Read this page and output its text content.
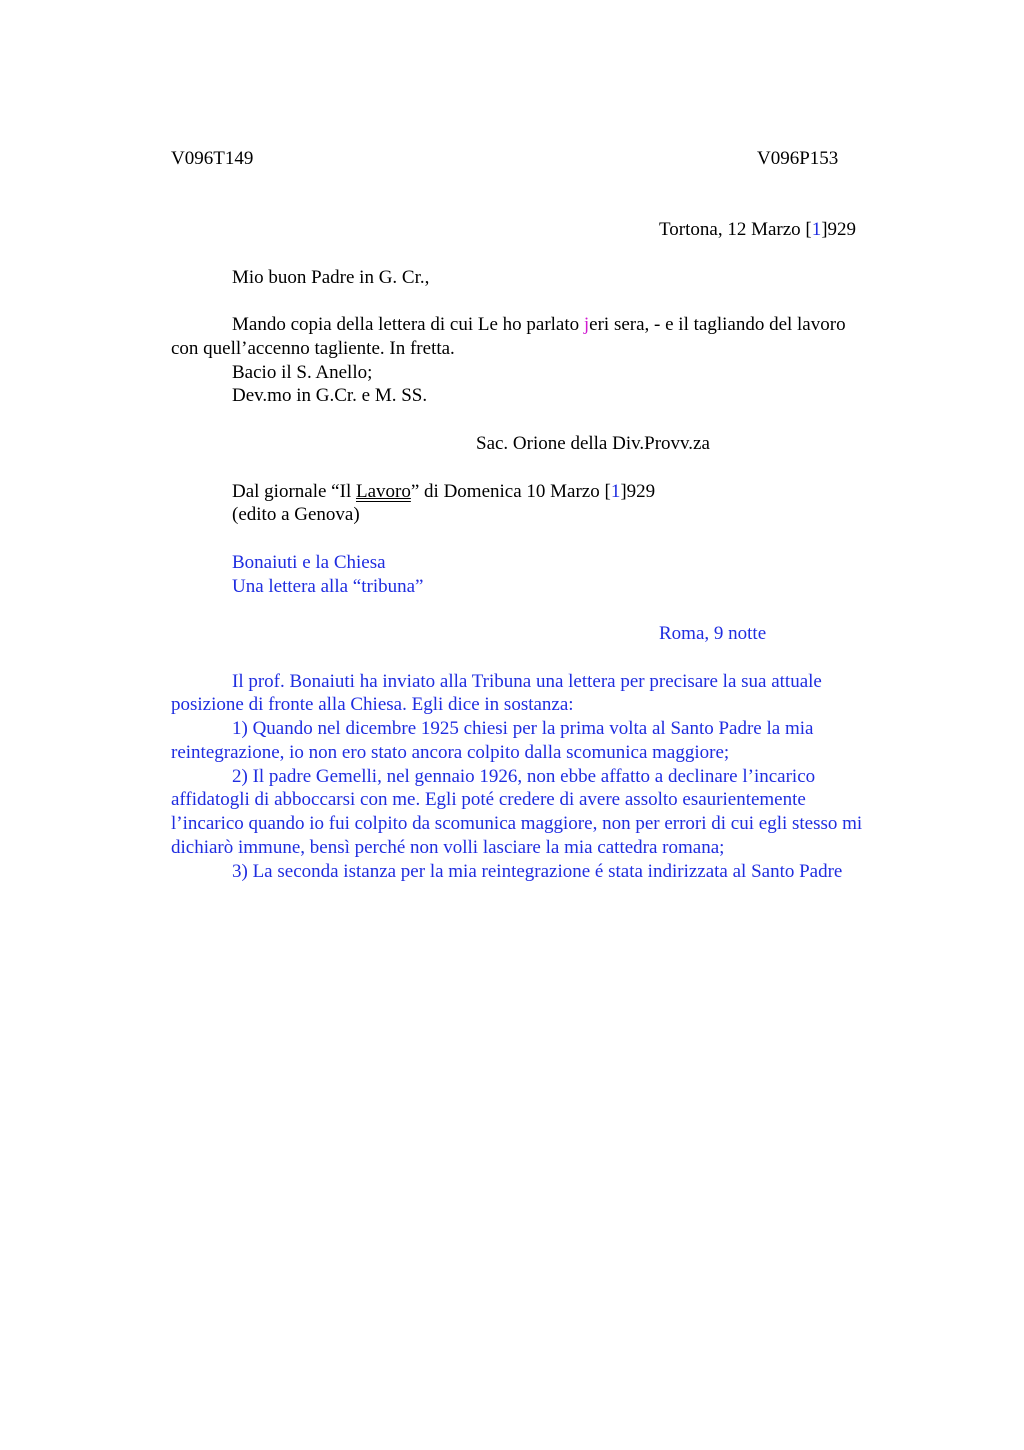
V096T149	V096P153
Tortona, 12 Marzo [1]929
Mio buon Padre in G. Cr.,
Mando copia della lettera di cui Le ho parlato jeri sera, - e il tagliando del lavoro
con quell’accenno tagliente. In fretta.
Bacio il S. Anello;
Dev.mo in G.Cr. e M. SS.
Sac. Orione della Div.Provv.za
Dal giornale “Il Lavoro” di Domenica 10 Marzo [1]929
(edito a Genova)
Bonaiuti e la Chiesa
Una lettera alla “tribuna”
Roma, 9 notte
Il prof. Bonaiuti ha inviato alla Tribuna una lettera per precisare la sua attuale
posizione di fronte alla Chiesa. Egli dice in sostanza:
1) Quando nel dicembre 1925 chiesi per la prima volta al Santo Padre la mia
reintegrazione, io non ero stato ancora colpito dalla scomunica maggiore;
2) Il padre Gemelli, nel gennaio 1926, non ebbe affatto a declinare l’incarico
affidatogli di abboccarsi con me. Egli poté credere di avere assolto esaurientemente
l’incarico quando io fui colpito da scomunica maggiore, non per errori di cui egli stesso mi
dichiarò immune, bensì perché non volli lasciare la mia cattedra romana;
3) La seconda istanza per la mia reintegrazione é stata indirizzata al Santo Padre
